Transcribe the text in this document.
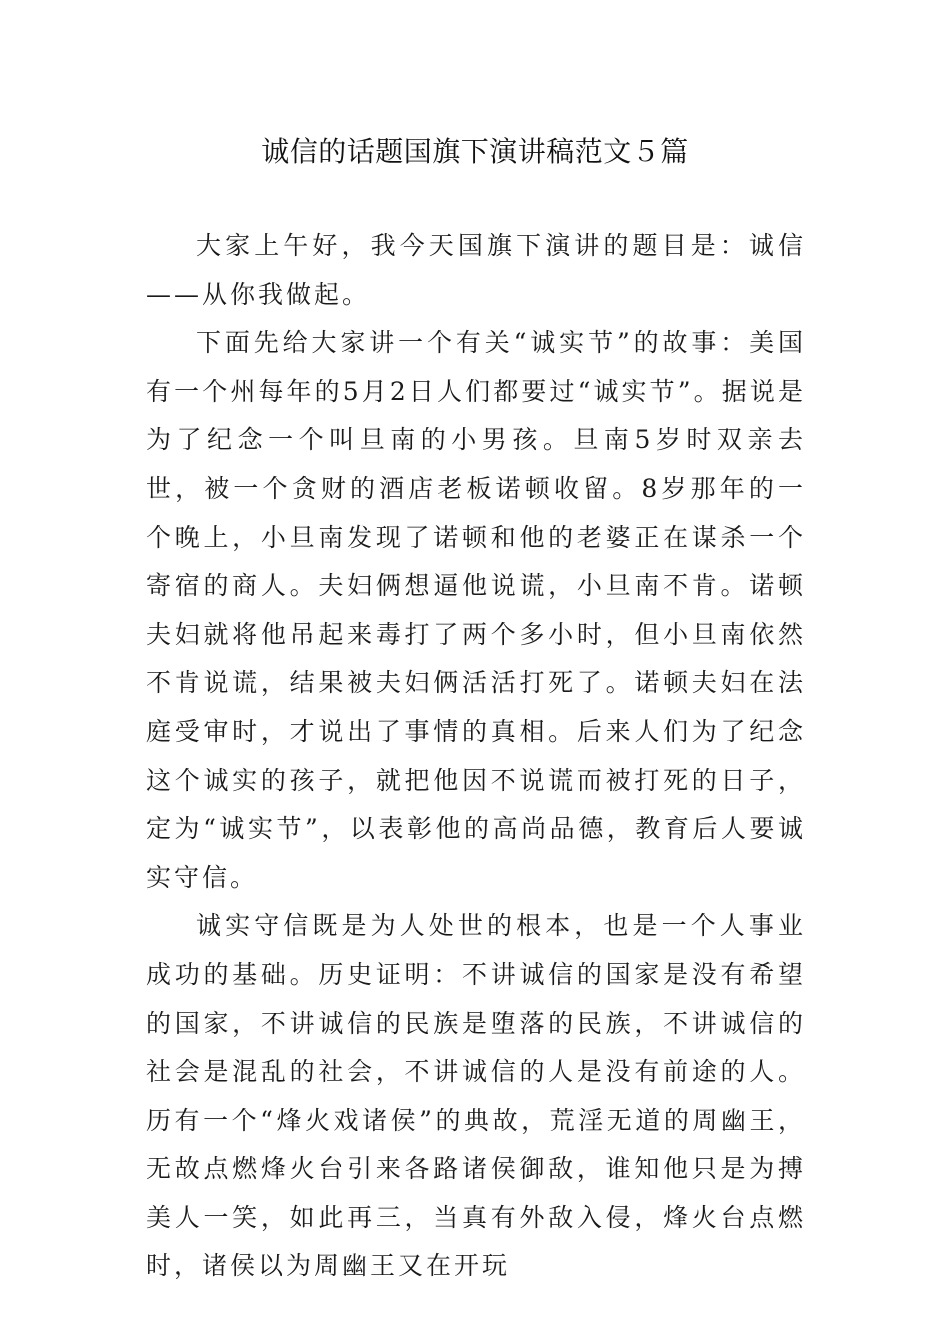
诚信的话题国旗下演讲稿范文５篇

大家上午好，我今天国旗下演讲的题目是：诚信——从你我做起。

下面先给大家讲一个有关“诚实节”的故事：美国有一个州每年的5月2日人们都要过“诚实节”。据说是为了纪念一个叫旦南的小男孩。旦南5岁时双亲去世，被一个贪财的酒店老板诺顿收留。8岁那年的一个晚上，小旦南发现了诺顿和他的老婆正在谋杀一个寄宿的商人。夫妇俩想逼他说谎，小旦南不肯。诺顿夫妇就将他吊起来毒打了两个多小时，但小旦南依然不肯说谎，结果被夫妇俩活活打死了。诺顿夫妇在法庭受审时，才说出了事情的真相。后来人们为了纪念这个诚实的孩子，就把他因不说谎而被打死的日子，定为“诚实节”，以表彰他的高尚品德，教育后人要诚实守信。

诚实守信既是为人处世的根本，也是一个人事业成功的基础。历史证明：不讲诚信的国家是没有希望的国家，不讲诚信的民族是堕落的民族，不讲诚信的社会是混乱的社会，不讲诚信的人是没有前途的人。历有一个“烽火戏诸侯”的典故，荒淫无道的周幽王，无故点燃烽火台引来各路诸侯御敌，谁知他只是为搏美人一笑，如此再三，当真有外敌入侵，烽火台点燃时，诸侯以为周幽王又在开玩
